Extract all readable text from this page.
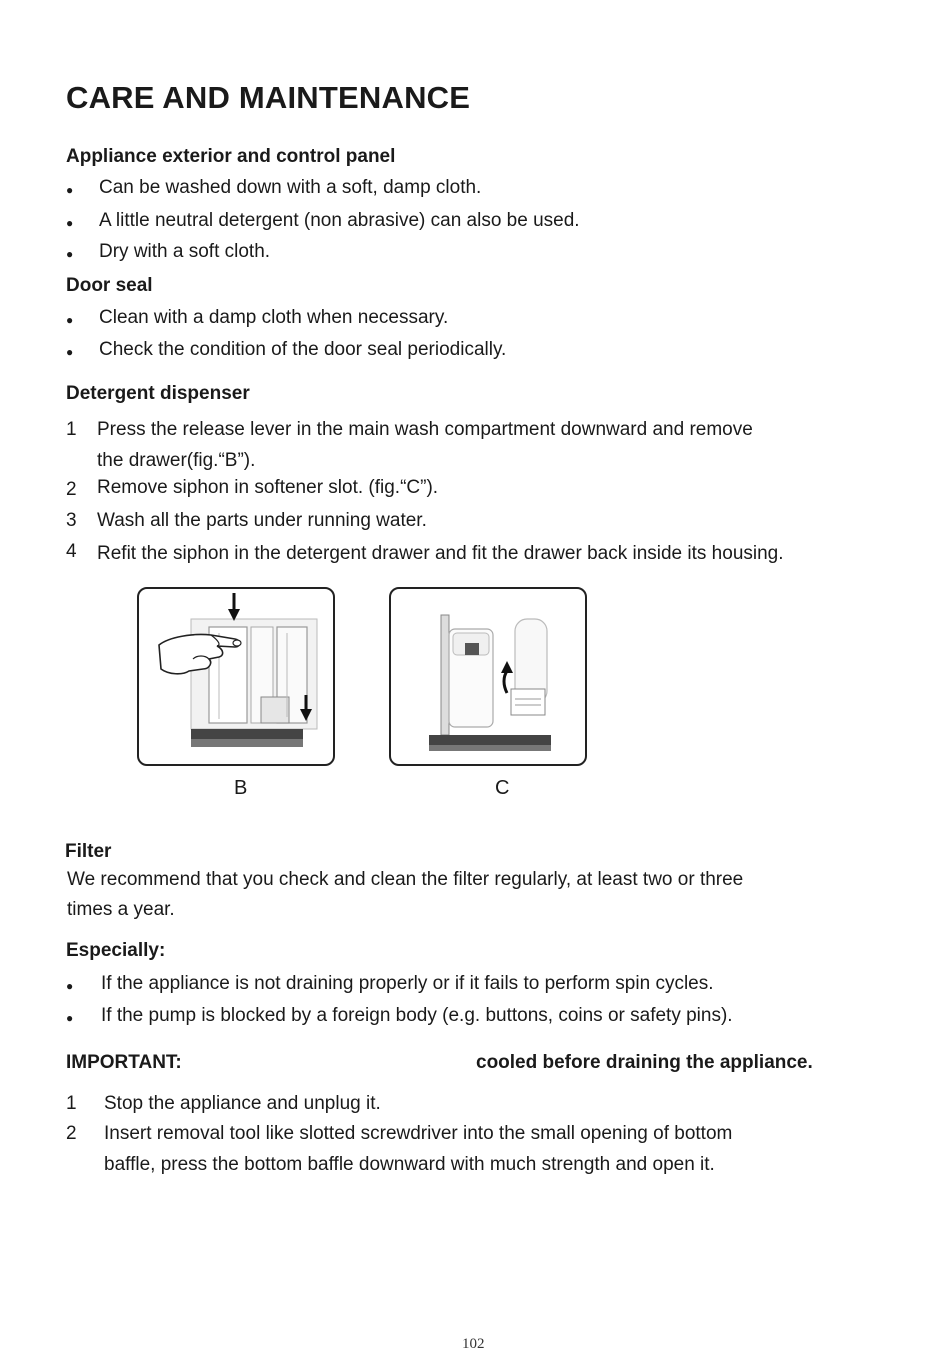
CARE AND MAINTENANCE
Appliance exterior and control panel
● Can be washed down with a soft, damp cloth.
● A little neutral detergent (non abrasive) can also be used.
● Dry with a soft cloth.
Door seal
● Clean with a damp cloth when necessary.
● Check the condition of the door seal periodically.
Detergent dispenser
1 Press the release lever in the main wash compartment downward and remove
the drawer(fig.“B”).
2 Remove siphon in softener slot. (fig.“C”).
3 Wash all the parts under running water.
4 Refit the siphon in the detergent drawer and fit the drawer back inside its housing.
B	C
Filter
We recommend that you check and clean the filter regularly, at least two or three
times a year.
Especially:
● If the appliance is not draining properly or if it fails to perform spin cycles.
● If the pump is blocked by a foreign body (e.g. buttons, coins or safety pins).
IMPORTANT:	cooled before draining the appliance.
1 Stop the appliance and unplug it.
2 Insert removal tool like slotted screwdriver into the small opening of bottom
baffle, press the bottom baffle downward with much strength and open it.
102
